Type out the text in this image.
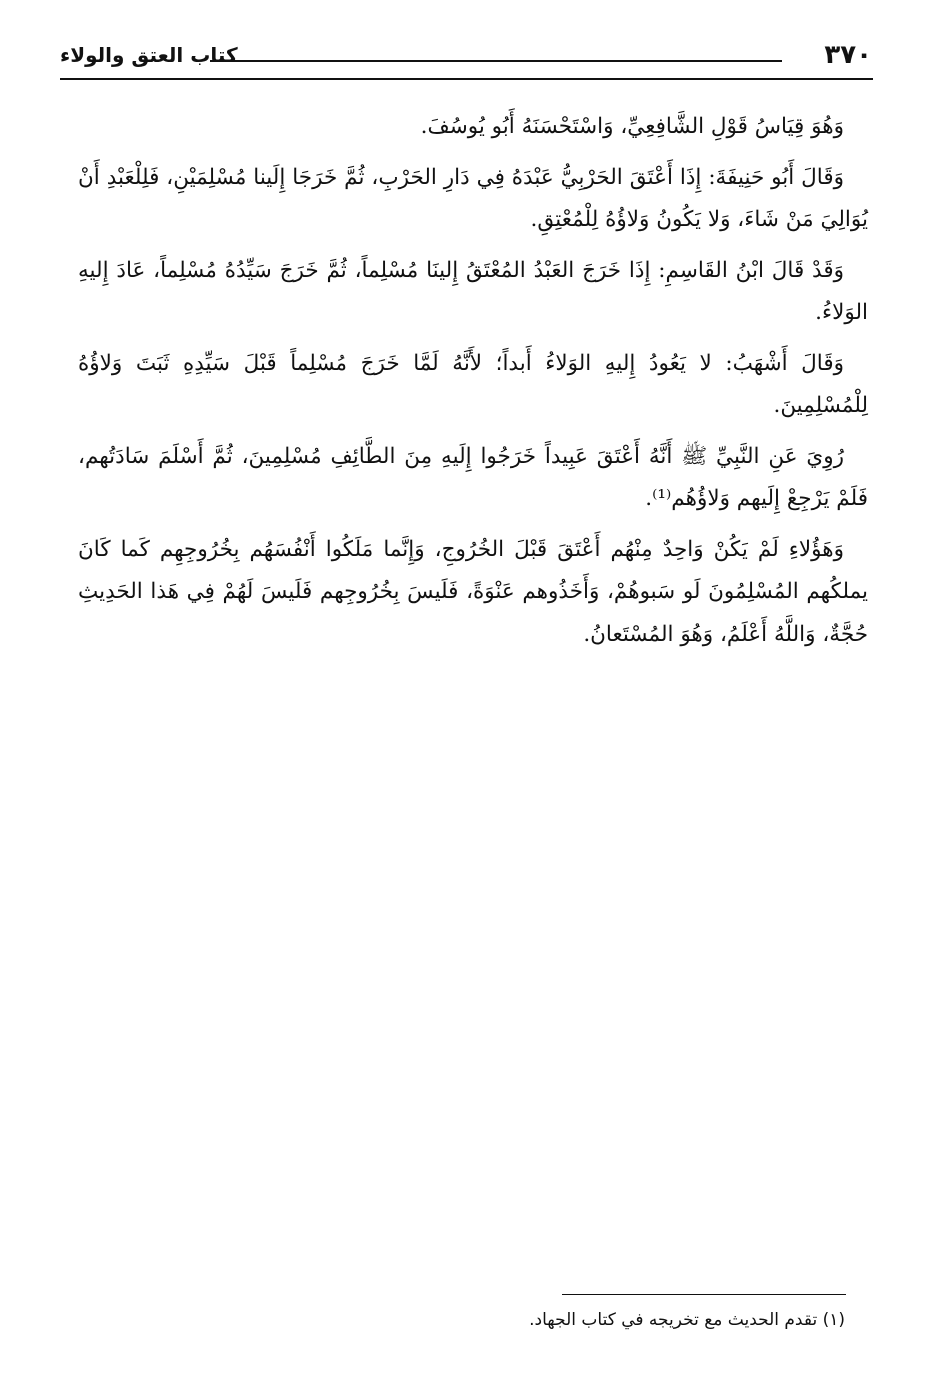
٣٧٠
كتاب العتق والولاء

وَهُوَ قِيَاسُ قَوْلِ الشَّافِعِيِّ، وَاسْتَحْسَنَهُ أَبُو يُوسُفَ.

وَقَالَ أَبُو حَنِيفَةَ: إِذَا أَعْتَقَ الحَرْبِيُّ عَبْدَهُ فِي دَارِ الحَرْبِ، ثُمَّ خَرَجَا إِلَينا مُسْلِمَيْنِ، فَلِلْعَبْدِ أَنْ يُوَالِيَ مَنْ شَاءَ، وَلا يَكُونُ وَلاؤُهُ لِلْمُعْتِقِ.

وَقَدْ قَالَ ابْنُ القَاسِمِ: إِذَا خَرَجَ العَبْدُ المُعْتَقُ إِلينَا مُسْلِماً، ثُمَّ خَرَجَ سَيِّدُهُ مُسْلِماً، عَادَ إِليهِ الوَلاءُ.

وَقَالَ أَشْهَبُ: لا يَعُودُ إِليهِ الوَلاءُ أَبداً؛ لأَنَّهُ لَمَّا خَرَجَ مُسْلِماً قَبْلَ سَيِّدِهِ ثَبَتَ وَلاؤُهُ لِلْمُسْلِمِينَ.

رُوِيَ عَنِ النَّبِيِّ ﷺ أَنَّهُ أَعْتَقَ عَبِيداً خَرَجُوا إِلَيهِ مِنَ الطَّائِفِ مُسْلِمِينَ، ثُمَّ أَسْلَمَ سَادَتُهم، فَلَمْ يَرْجِعْ إِلَيهم وَلاؤُهُم⁽¹⁾.

وَهَؤُلاءِ لَمْ يَكُنْ وَاحِدٌ مِنْهُم أَعْتَقَ قَبْلَ الخُرُوجِ، وَإِنَّما مَلَكُوا أَنْفُسَهُم بِخُرُوجِهِم كَما كَانَ يملكُهم المُسْلِمُونَ لَو سَبوهُمْ، وَأَخَذُوهم عَنْوَةً، فَلَيسَ بِخُرُوجِهم فَلَيسَ لَهُمْ فِي هَذا الحَدِيثِ حُجَّةٌ، وَاللَّهُ أَعْلَمُ، وَهُوَ المُسْتَعانُ.

(١) تقدم الحديث مع تخريجه في كتاب الجهاد.
